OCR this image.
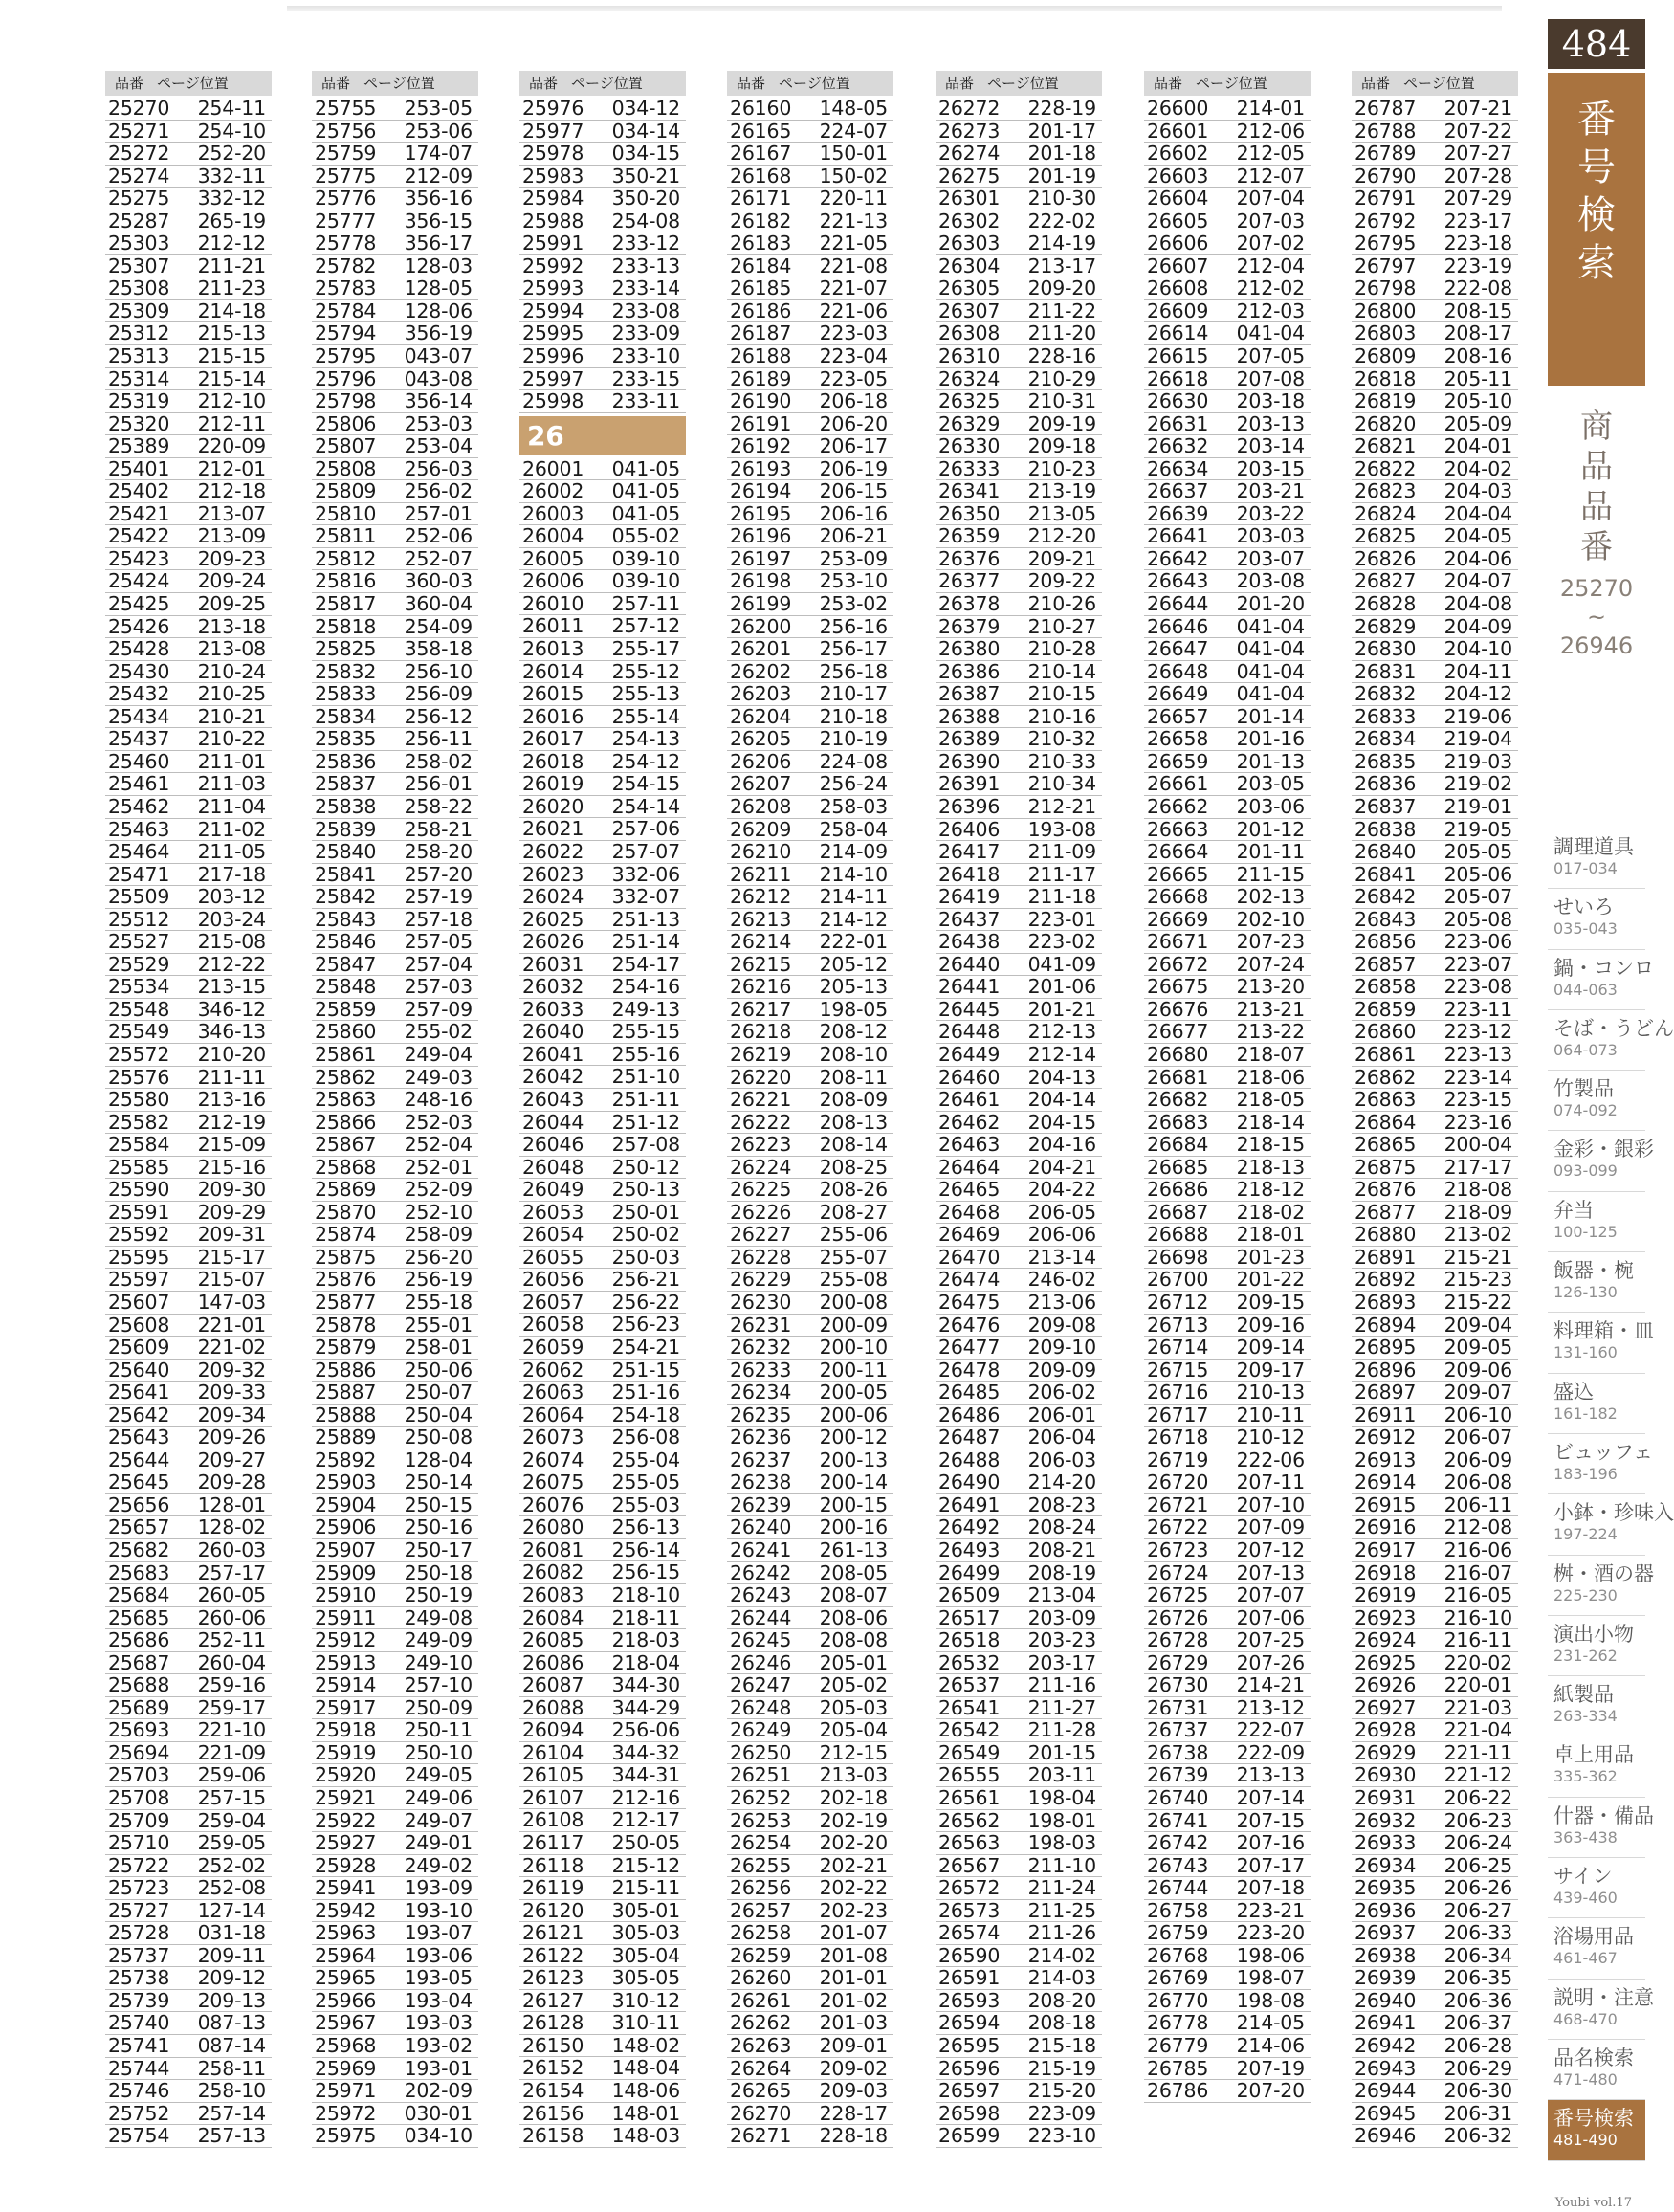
品番 ページ位置
25270 254-11
25271 254-10
25272 252-20
25274 332-11
25275 332-12
25287 265-19
25303 212-12
25307 211-21
25308 211-23
25309 214-18
25312 215-13
25313 215-15
25314 215-14
25319 212-10
25320 212-11
25389 220-09
25401 212-01
25402 212-18
25421 213-07
25422 213-09
25423 209-23
25424 209-24
25425 209-25
25426 213-18
25428 213-08
25430 210-24
25432 210-25
25434 210-21
25437 210-22
25460 211-01
25461 211-03
25462 211-04
25463 211-02
25464 211-05
25471 217-18
25509 203-12
25512 203-24
25527 215-08
25529 212-22
25534 213-15
25548 346-12
25549 346-13
25572 210-20
25576 211-11
25580 213-16
25582 212-19
25584 215-09
25585 215-16
25590 209-30
25591 209-29
25592 209-31
25595 215-17
25597 215-07
25607 147-03
25608 221-01
25609 221-02
25640 209-32
25641 209-33
25642 209-34
25643 209-26
25644 209-27
25645 209-28
25656 128-01
25657 128-02
25682 260-03
25683 257-17
25684 260-05
25685 260-06
25686 252-11
25687 260-04
25688 259-16
25689 259-17
25693 221-10
25694 221-09
25703 259-06
25708 257-15
25709 259-04
25710 259-05
25722 252-02
25723 252-08
25727 127-14
25728 031-18
25737 209-11
25738 209-12
25739 209-13
25740 087-13
25741 087-14
25744 258-11
25746 258-10
25752 257-14
25754 257-13
品番 ページ位置
25755 253-05
25756 253-06
25759 174-07
25775 212-09
25776 356-16
25777 356-15
25778 356-17
25782 128-03
25783 128-05
25784 128-06
25794 356-19
25795 043-07
25796 043-08
25798 356-14
25806 253-03
25807 253-04
25808 256-03
25809 256-02
25810 257-01
25811 252-06
25812 252-07
25816 360-03
25817 360-04
25818 254-09
25825 358-18
25832 256-10
25833 256-09
25834 256-12
25835 256-11
25836 258-02
25837 256-01
25838 258-22
25839 258-21
25840 258-20
25841 257-20
25842 257-19
25843 257-18
25846 257-05
25847 257-04
25848 257-03
25859 257-09
25860 255-02
25861 249-04
25862 249-03
25863 248-16
25866 252-03
25867 252-04
25868 252-01
25869 252-09
25870 252-10
25874 258-09
25875 256-20
25876 256-19
25877 255-18
25878 255-01
25879 258-01
25886 250-06
25887 250-07
25888 250-04
25889 250-08
25892 128-04
25903 250-14
25904 250-15
25906 250-16
25907 250-17
25909 250-18
25910 250-19
25911 249-08
25912 249-09
25913 249-10
25914 257-10
25917 250-09
25918 250-11
25919 250-10
25920 249-05
25921 249-06
25922 249-07
25927 249-01
25928 249-02
25941 193-09
25942 193-10
25963 193-07
25964 193-06
25965 193-05
25966 193-04
25967 193-03
25968 193-02
25969 193-01
25971 202-09
25972 030-01
25975 034-10
品番 ページ位置
25976 034-12
25977 034-14
25978 034-15
25983 350-21
25984 350-20
25988 254-08
25991 233-12
25992 233-13
25993 233-14
25994 233-08
25995 233-09
25996 233-10
25997 233-15
25998 233-11
26
26001 041-05
26002 041-05
26003 041-05
26004 055-02
26005 039-10
26006 039-10
26010 257-11
26011 257-12
26013 255-17
26014 255-12
26015 255-13
26016 255-14
26017 254-13
26018 254-12
26019 254-15
26020 254-14
26021 257-06
26022 257-07
26023 332-06
26024 332-07
26025 251-13
26026 251-14
26031 254-17
26032 254-16
26033 249-13
26040 255-15
26041 255-16
26042 251-10
26043 251-11
26044 251-12
26046 257-08
26048 250-12
26049 250-13
26053 250-01
26054 250-02
26055 250-03
26056 256-21
26057 256-22
26058 256-23
26059 254-21
26062 251-15
26063 251-16
26064 254-18
26073 256-08
26074 255-04
26075 255-05
26076 255-03
26080 256-13
26081 256-14
26082 256-15
26083 218-10
26084 218-11
26085 218-03
26086 218-04
26087 344-30
26088 344-29
26094 256-06
26104 344-32
26105 344-31
26107 212-16
26108 212-17
26117 250-05
26118 215-12
26119 215-11
26120 305-01
26121 305-03
26122 305-04
26123 305-05
26127 310-12
26128 310-11
26150 148-02
26152 148-04
26154 148-06
26156 148-01
26158 148-03
品番 ページ位置
26160 148-05
26165 224-07
26167 150-01
26168 150-02
26171 220-11
26182 221-13
26183 221-05
26184 221-08
26185 221-07
26186 221-06
26187 223-03
26188 223-04
26189 223-05
26190 206-18
26191 206-20
26192 206-17
26193 206-19
26194 206-15
26195 206-16
26196 206-21
26197 253-09
26198 253-10
26199 253-02
26200 256-16
26201 256-17
26202 256-18
26203 210-17
26204 210-18
26205 210-19
26206 224-08
26207 256-24
26208 258-03
26209 258-04
26210 214-09
26211 214-10
26212 214-11
26213 214-12
26214 222-01
26215 205-12
26216 205-13
26217 198-05
26218 208-12
26219 208-10
26220 208-11
26221 208-09
26222 208-13
26223 208-14
26224 208-25
26225 208-26
26226 208-27
26227 255-06
26228 255-07
26229 255-08
26230 200-08
26231 200-09
26232 200-10
26233 200-11
26234 200-05
26235 200-06
26236 200-12
26237 200-13
26238 200-14
26239 200-15
26240 200-16
26241 261-13
26242 208-05
26243 208-07
26244 208-06
26245 208-08
26246 205-01
26247 205-02
26248 205-03
26249 205-04
26250 212-15
26251 213-03
26252 202-18
26253 202-19
26254 202-20
26255 202-21
26256 202-22
26257 202-23
26258 201-07
26259 201-08
26260 201-01
26261 201-02
26262 201-03
26263 209-01
26264 209-02
26265 209-03
26270 228-17
26271 228-18
品番 ページ位置
26272 228-19
26273 201-17
26274 201-18
26275 201-19
26301 210-30
26302 222-02
26303 214-19
26304 213-17
26305 209-20
26307 211-22
26308 211-20
26310 228-16
26324 210-29
26325 210-31
26329 209-19
26330 209-18
26333 210-23
26341 213-19
26350 213-05
26359 212-20
26376 209-21
26377 209-22
26378 210-26
26379 210-27
26380 210-28
26386 210-14
26387 210-15
26388 210-16
26389 210-32
26390 210-33
26391 210-34
26396 212-21
26406 193-08
26417 211-09
26418 211-17
26419 211-18
26437 223-01
26438 223-02
26440 041-09
26441 201-06
26445 201-21
26448 212-13
26449 212-14
26460 204-13
26461 204-14
26462 204-15
26463 204-16
26464 204-21
26465 204-22
26468 206-05
26469 206-06
26470 213-14
26474 246-02
26475 213-06
26476 209-08
26477 209-10
26478 209-09
26485 206-02
26486 206-01
26487 206-04
26488 206-03
26490 214-20
26491 208-23
26492 208-24
26493 208-21
26499 208-19
26509 213-04
26517 203-09
26518 203-23
26532 203-17
26537 211-16
26541 211-27
26542 211-28
26549 201-15
26555 203-11
26561 198-04
26562 198-01
26563 198-03
26567 211-10
26572 211-24
26573 211-25
26574 211-26
26590 214-02
26591 214-03
26593 208-20
26594 208-18
26595 215-18
26596 215-19
26597 215-20
26598 223-09
26599 223-10
品番 ページ位置
26600 214-01
26601 212-06
26602 212-05
26603 212-07
26604 207-04
26605 207-03
26606 207-02
26607 212-04
26608 212-02
26609 212-03
26614 041-04
26615 207-05
26618 207-08
26630 203-18
26631 203-13
26632 203-14
26634 203-15
26637 203-21
26639 203-22
26641 203-03
26642 203-07
26643 203-08
26644 201-20
26646 041-04
26647 041-04
26648 041-04
26649 041-04
26657 201-14
26658 201-16
26659 201-13
26661 203-05
26662 203-06
26663 201-12
26664 201-11
26665 211-15
26668 202-13
26669 202-10
26671 207-23
26672 207-24
26675 213-20
26676 213-21
26677 213-22
26680 218-07
26681 218-06
26682 218-05
26683 218-14
26684 218-15
26685 218-13
26686 218-12
26687 218-02
26688 218-01
26698 201-23
26700 201-22
26712 209-15
26713 209-16
26714 209-14
26715 209-17
26716 210-13
26717 210-11
26718 210-12
26719 222-06
26720 207-11
26721 207-10
26722 207-09
26723 207-12
26724 207-13
26725 207-07
26726 207-06
26728 207-25
26729 207-26
26730 214-21
26731 213-12
26737 222-07
26738 222-09
26739 213-13
26740 207-14
26741 207-15
26742 207-16
26743 207-17
26744 207-18
26758 223-21
26759 223-20
26768 198-06
26769 198-07
26770 198-08
26778 214-05
26779 214-06
26785 207-19
26786 207-20
品番 ページ位置
26787 207-21
26788 207-22
26789 207-27
26790 207-28
26791 207-29
26792 223-17
26795 223-18
26797 223-19
26798 222-08
26800 208-15
26803 208-17
26809 208-16
26818 205-11
26819 205-10
26820 205-09
26821 204-01
26822 204-02
26823 204-03
26824 204-04
26825 204-05
26826 204-06
26827 204-07
26828 204-08
26829 204-09
26830 204-10
26831 204-11
26832 204-12
26833 219-06
26834 219-04
26835 219-03
26836 219-02
26837 219-01
26838 219-05
26840 205-05
26841 205-06
26842 205-07
26843 205-08
26856 223-06
26857 223-07
26858 223-08
26859 223-11
26860 223-12
26861 223-13
26862 223-14
26863 223-15
26864 223-16
26865 200-04
26875 217-17
26876 218-08
26877 218-09
26880 213-02
26891 215-21
26892 215-23
26893 215-22
26894 209-04
26895 209-05
26896 209-06
26897 209-07
26911 206-10
26912 206-07
26913 206-09
26914 206-08
26915 206-11
26916 212-08
26917 216-06
26918 216-07
26919 216-05
26923 216-10
26924 216-11
26925 220-02
26926 220-01
26927 221-03
26928 221-04
26929 221-11
26930 221-12
26931 206-22
26932 206-23
26933 206-24
26934 206-25
26935 206-26
26936 206-27
26937 206-33
26938 206-34
26939 206-35
26940 206-36
26941 206-37
26942 206-28
26943 206-29
26944 206-30
26945 206-31
26946 206-32
484
番
号
検
索
商
品
品
番
25270
~
26946
調理道具
017-034
せいろ
035-043
鍋・コンロ
044-063
そば・うどん
064-073
竹製品
074-092
金彩・銀彩
093-099
弁当
100-125
飯器・椀
126-130
料理箱・皿
131-160
盛込
161-182
ビュッフェ
183-196
小鉢・珍味入
197-224
桝・酒の器
225-230
演出小物
231-262
紙製品
263-334
卓上用品
335-362
什器・備品
363-438
サイン
439-460
浴場用品
461-467
説明・注意
468-470
品名検索
471-480
番号検索
481-490
Youbi vol.17
